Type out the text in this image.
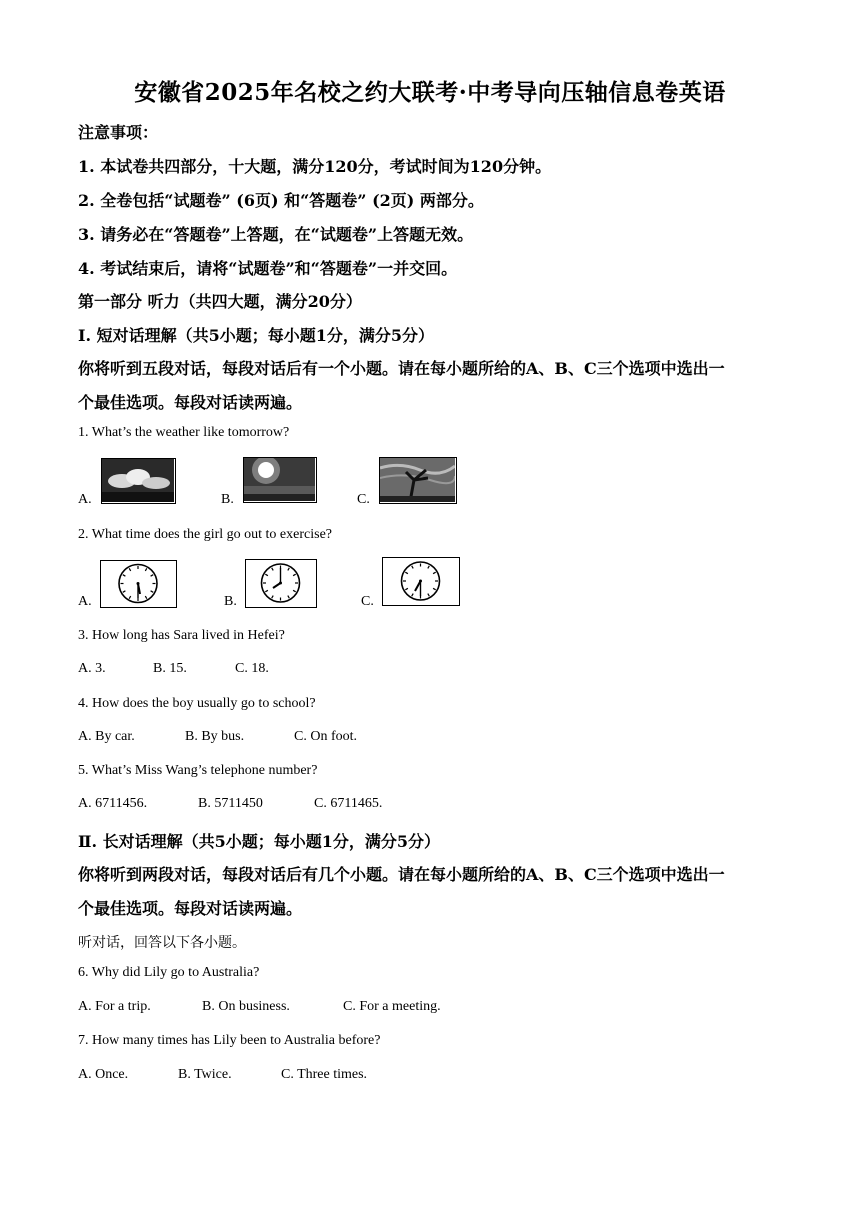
安徽省2025年名校之约大联考·中考导向压轴信息卷英语
注意事项：
1. 本试卷共四部分，十大题，满分120分，考试时间为120分钟。
2. 全卷包括“试题卷” (6页) 和“答题卷” (2页) 两部分。
3. 请务必在“答题卷”上答题，在“试题卷”上答题无效。
4. 考试结束后，请将“试题卷”和“答题卷”一并交回。
第一部分 听力（共四大题，满分20分）
I. 短对话理解（共5小题；每小题1分，满分5分）
你将听到五段对话，每段对话后有一个小题。请在每小题所给的A、B、C三个选项中选出一
个最佳选项。每段对话读两遍。
1. What’s the weather like tomorrow?
A.	B.	C.
2. What time does the girl go out to exercise?
A.	B.	C.
3. How long has Sara lived in Hefei?
A. 3.	B. 15.	C. 18.
4. How does the boy usually go to school?
A. By car.	B. By bus.	C. On foot.
5. What’s Miss Wang’s telephone number?
A. 6711456.	B. 5711450	C. 6711465.
Ⅱ. 长对话理解（共5小题；每小题1分，满分5分）
你将听到两段对话，每段对话后有几个小题。请在每小题所给的A、B、C三个选项中选出一
个最佳选项。每段对话读两遍。
听对话，回答以下各小题。
6. Why did Lily go to Australia?
A. For a trip.	B. On business.	C. For a meeting.
7. How many times has Lily been to Australia before?
A. Once.	B. Twice.	C. Three times.
